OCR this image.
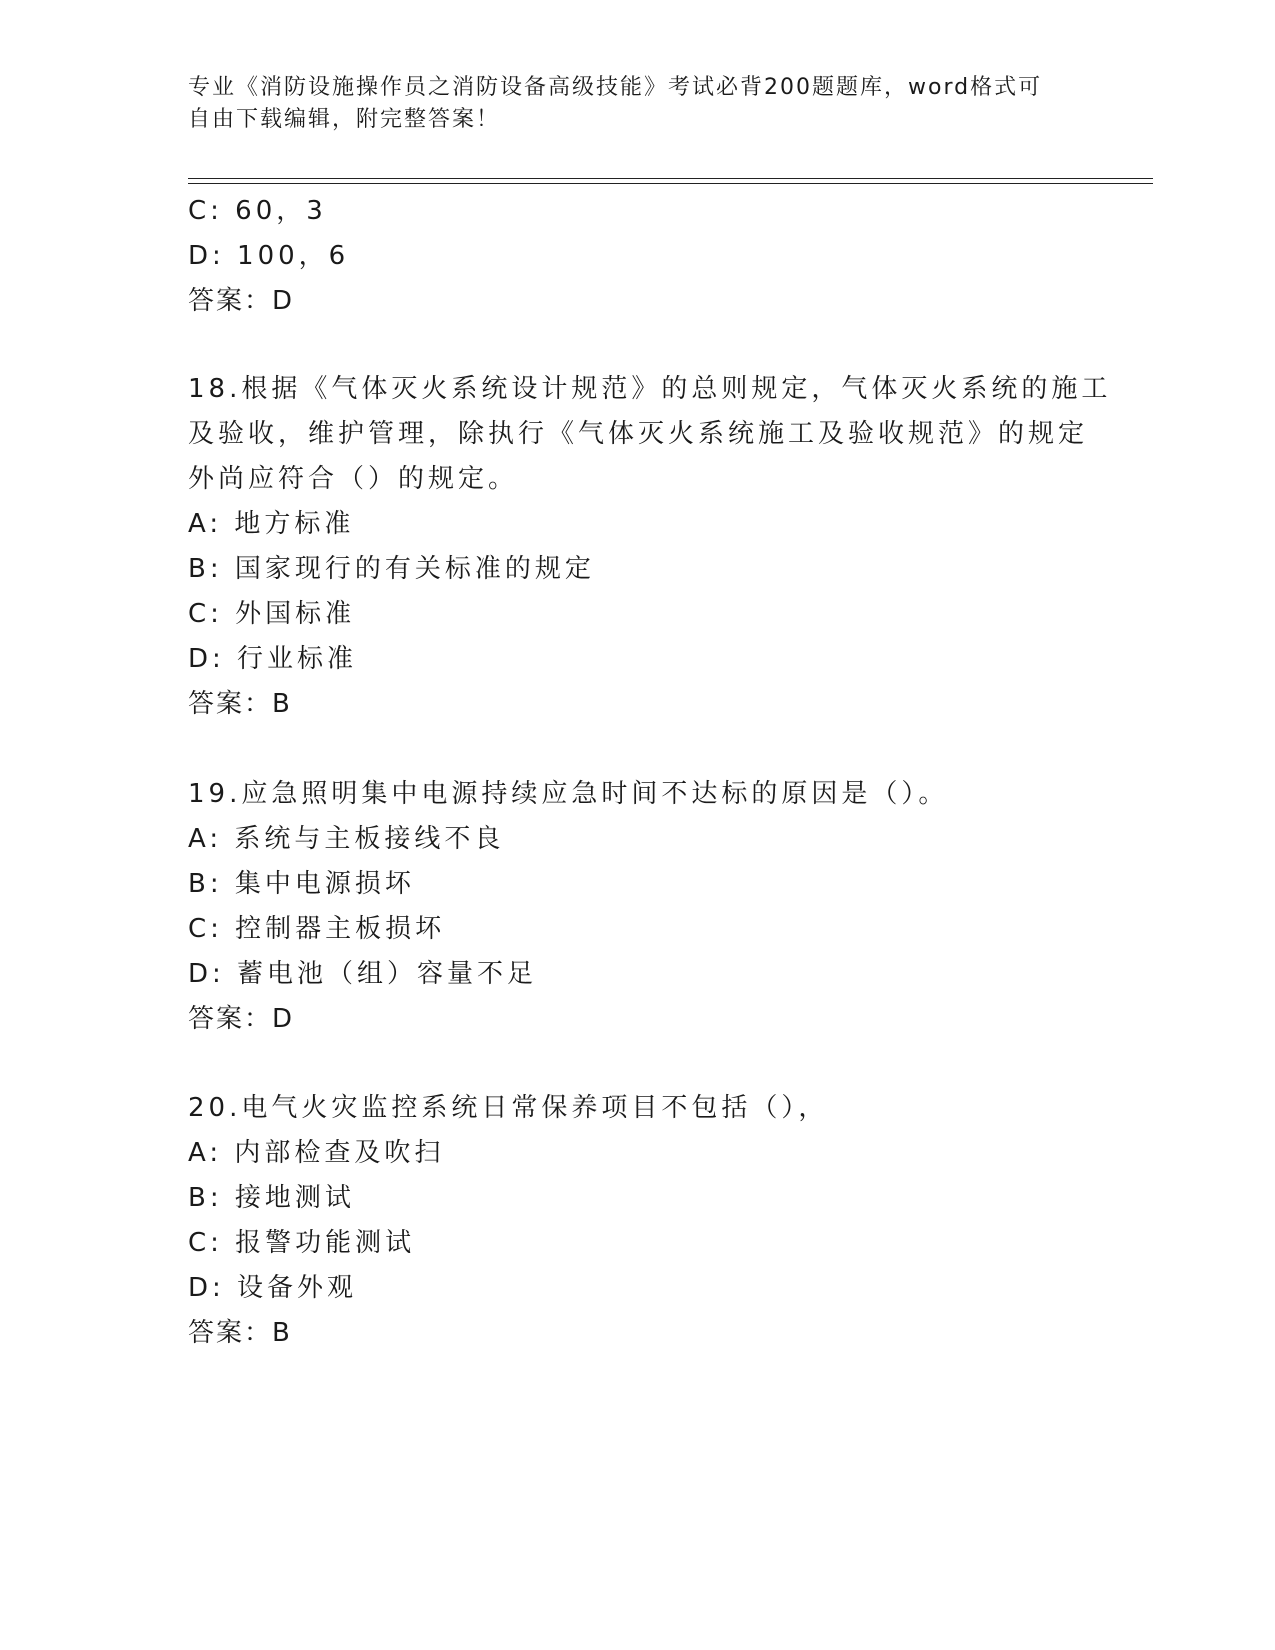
专业《消防设施操作员之消防设备高级技能》考试必背200题题库，word格式可
自由下载编辑，附完整答案！
C: 60，3
D: 100，6
答案：D
18.根据《气体灭火系统设计规范》的总则规定，气体灭火系统的施工
及验收，维护管理，除执行《气体灭火系统施工及验收规范》的规定
外尚应符合（）的规定。
A: 地方标准
B: 国家现行的有关标准的规定
C: 外国标准
D: 行业标准
答案：B
19.应急照明集中电源持续应急时间不达标的原因是（）。
A: 系统与主板接线不良
B: 集中电源损坏
C: 控制器主板损坏
D: 蓄电池（组）容量不足
答案：D
20.电气火灾监控系统日常保养项目不包括（），
A: 内部检查及吹扫
B: 接地测试
C: 报警功能测试
D: 设备外观
答案：B
